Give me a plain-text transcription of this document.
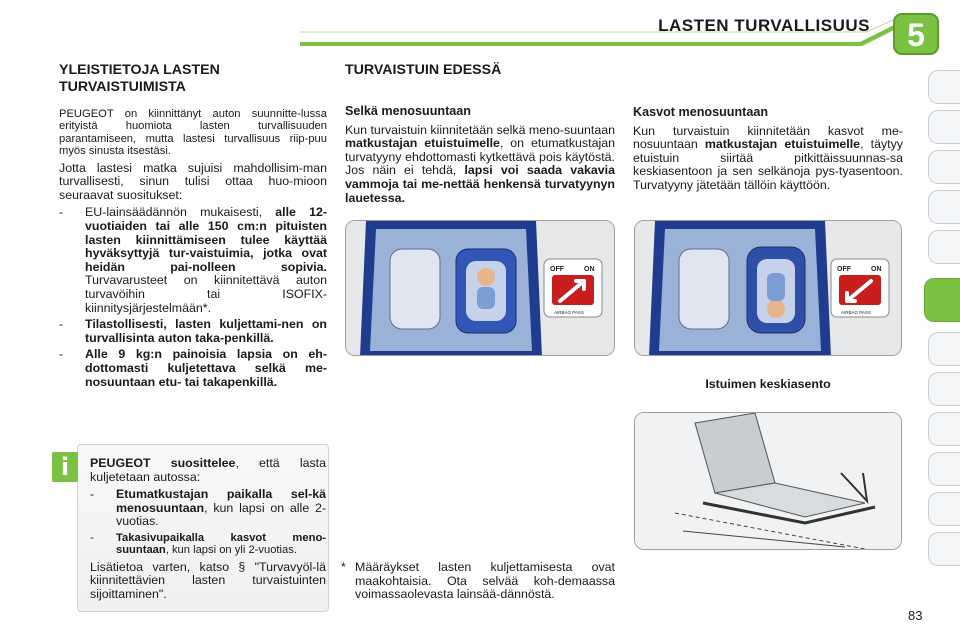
LASTEN TURVALLISUUS 5
YLEISTIETOJA LASTEN
TURVAISTUIMISTA

PEUGEOT on kiinnittänyt auton suunnitte-lussa erityistä huomiota lasten turvallisuuden parantamiseen, mutta lastesi turvallisuus riip-puu myös sinusta itsestäsi.

Jotta lastesi matka sujuisi mahdollisim-man turvallisesti, sinun tulisi ottaa huo-mioon seuraavat suositukset:

-	EU-lainsäädännön mukaisesti, alle 12-vuotiaiden tai alle 150 cm:n pituisten lasten kiinnittämiseen tulee käyttää hyväksyttyjä tur-vaistuimia, jotka ovat heidän pai-nolleen sopivia. Turvavarusteet on kiinnitettävä auton turvavöihin tai ISOFIX-kiinnitysjärjestelmään*.
-	Tilastollisesti, lasten kuljettami-nen on turvallisinta auton taka-penkillä.
-	Alle 9 kg:n painoisia lapsia on eh-dottomasti kuljetettava selkä me-nosuuntaan etu- tai takapenkillä.

PEUGEOT suosittelee, että lasta kuljetetaan autossa:

-	Etumatkustajan paikalla sel-kä menosuuntaan, kun lapsi on alle 2-vuotias.
-	Takasivupaikalla kasvot meno-suuntaan, kun lapsi on yli 2-vuotias.

Lisätietoa varten, katso § "Turvavyöl-lä kiinnitettävien lasten turvaistuinten sijoittaminen".

i
TURVAISTUIN EDESSÄ
Selkä menosuuntaan

Kun turvaistuin kiinnitetään selkä meno-suuntaan matkustajan etuistuimelle, on etumatkustajan turvatyyny ehdottomasti kytkettävä pois käytöstä. Jos näin ei tehdä, lapsi voi saada vakavia vammoja tai me-nettää henkensä turvatyynyn lauetessa.

Kasvot menosuuntaan

Kun turvaistuin kiinnitetään kasvot me-nosuuntaan matkustajan etuistuimelle, täytyy etuistuin siirtää pitkittäissuunnas-sa keskiasentoon ja sen selkänoja pys-tyasentoon. Turvatyyny jätetään tällöin käyttöön.

OFF	ON
AIRBAG PASS
OFF	ON
AIRBAG PASS
Istuimen keskiasento
* Määräykset lasten kuljettamisesta ovat maakohtaisia. Ota selvää koh-demaassa voimassaolevasta lainsää-dännöstä.
83
